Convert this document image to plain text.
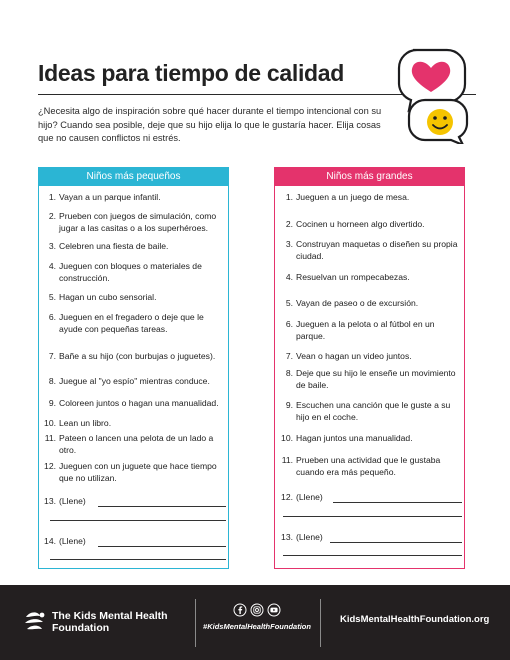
Ideas para tiempo de calidad
¿Necesita algo de inspiración sobre qué hacer durante el tiempo intencional con su hijo? Cuando sea posible, deje que su hijo elija lo que le gustaría hacer. Elija cosas que no causen conflictos ni estrés.
Niños más pequeños	Niños más grandes
1. Vayan a un parque infantil.
2. Prueben con juegos de simulación, como jugar a las casitas o a los superhéroes.
3. Celebren una fiesta de baile.
4. Jueguen con bloques o materiales de construcción.
5. Hagan un cubo sensorial.
6. Jueguen en el fregadero o deje que le ayude con pequeñas tareas.
7. Bañe a su hijo (con burbujas o juguetes).
8. Juegue al "yo espío" mientras conduce.
9. Coloreen juntos o hagan una manualidad.
10. Lean un libro.
11. Pateen o lancen una pelota de un lado a otro.
12. Jueguen con un juguete que hace tiempo que no utilizan.
13. (Llene)
14. (Llene)
1. Jueguen a un juego de mesa.
2. Cocinen u horneen algo divertido.
3. Construyan maquetas o diseñen su propia ciudad.
4. Resuelvan un rompecabezas.
5. Vayan de paseo o de excursión.
6. Jueguen a la pelota o al fútbol en un parque.
7. Vean o hagan un video juntos.
8. Deje que su hijo le enseñe un movimiento de baile.
9. Escuchen una canción que le guste a su hijo en el coche.
10. Hagan juntos una manualidad.
11. Prueben una actividad que le gustaba cuando era más pequeño.
12. (Llene)
13. (Llene)
The Kids Mental Health
Foundation	#KidsMentalHealthFoundation
KidsMentalHealthFoundation.org
